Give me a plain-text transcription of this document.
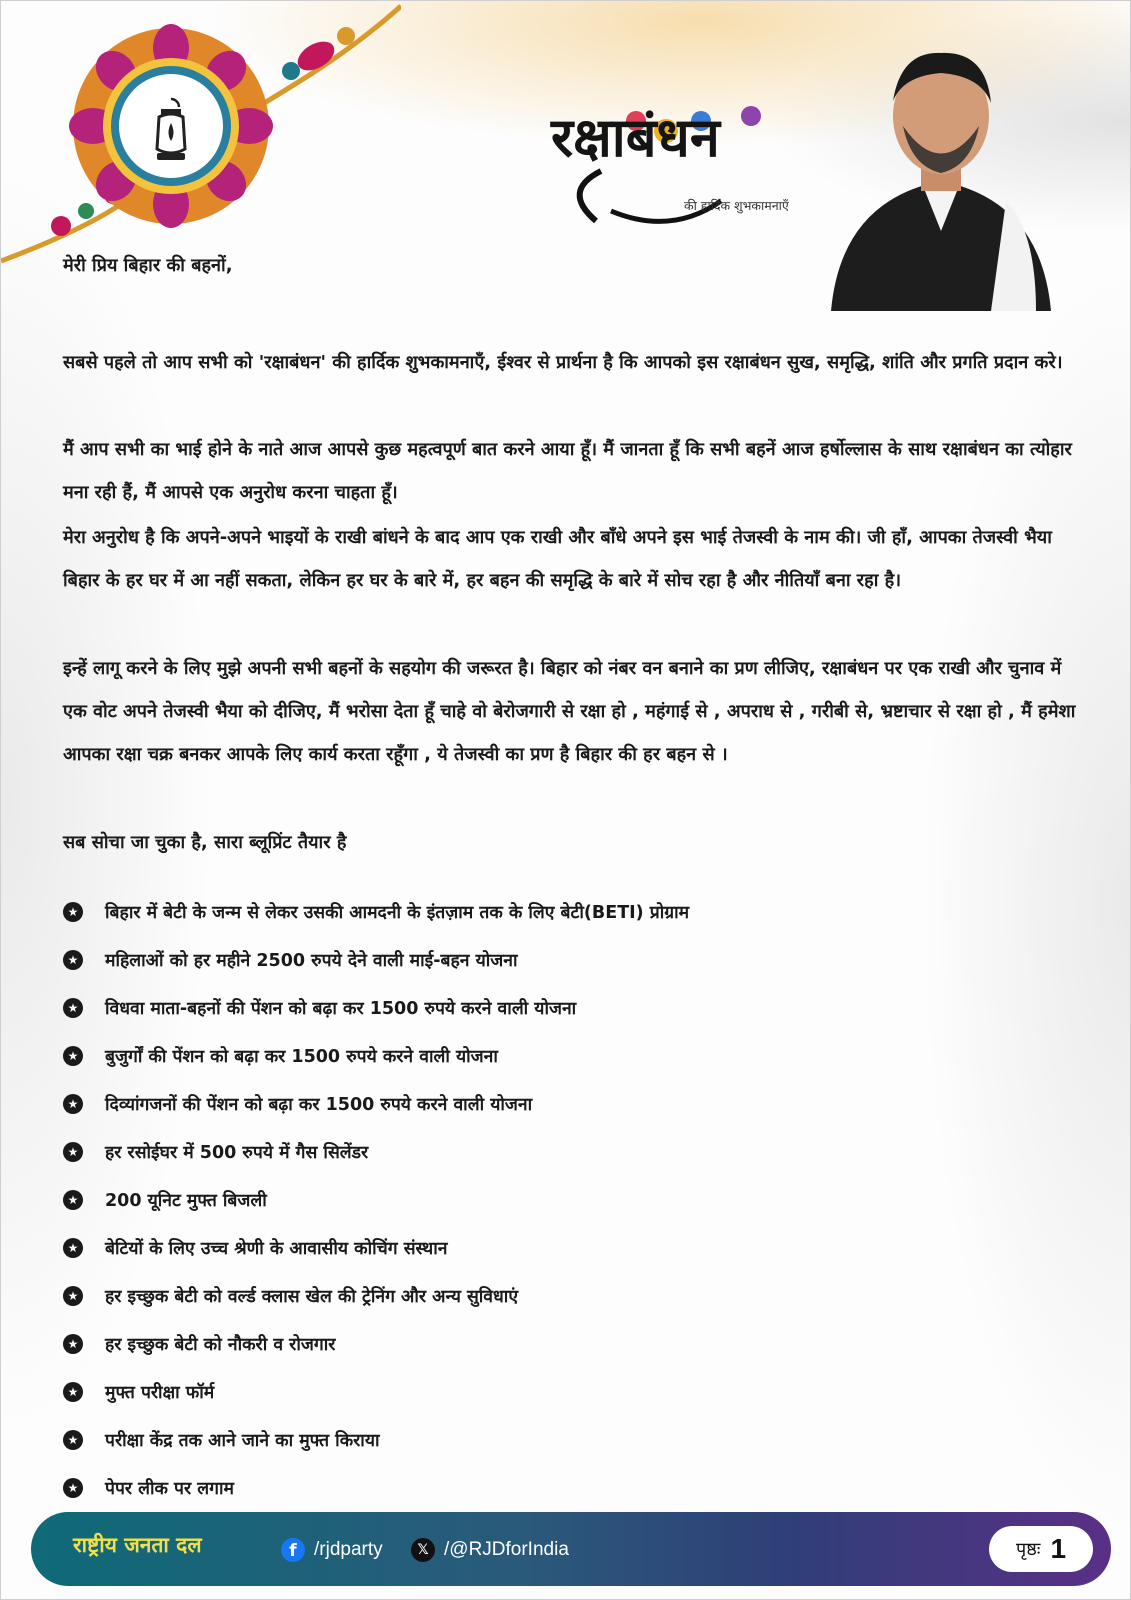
रक्षाबंधन
की हार्दिक शुभकामनाएँ

मेरी प्रिय बिहार की बहनों,

सबसे पहले तो आप सभी को 'रक्षाबंधन' की हार्दिक शुभकामनाएँ, ईश्वर से प्रार्थना है कि आपको इस रक्षाबंधन सुख, समृद्धि, शांति और प्रगति प्रदान करे।

मैं आप सभी का भाई होने के नाते आज आपसे कुछ महत्वपूर्ण बात करने आया हूँ। मैं जानता हूँ कि सभी बहनें आज हर्षोल्लास के साथ रक्षाबंधन का त्योहार मना रही हैं, मैं आपसे एक अनुरोध करना चाहता हूँ।

मेरा अनुरोध है कि अपने-अपने भाइयों के राखी बांधने के बाद आप एक राखी और बाँधे अपने इस भाई तेजस्वी के नाम की। जी हाँ, आपका तेजस्वी भैया बिहार के हर घर में आ नहीं सकता, लेकिन हर घर के बारे में, हर बहन की समृद्धि के बारे में सोच रहा है और नीतियाँ बना रहा है।

इन्हें लागू करने के लिए मुझे अपनी सभी बहनों के सहयोग की जरूरत है। बिहार को नंबर वन बनाने का प्रण लीजिए, रक्षाबंधन पर एक राखी और चुनाव में एक वोट अपने तेजस्वी भैया को दीजिए, मैं भरोसा देता हूँ चाहे वो बेरोजगारी से रक्षा हो , महंगाई से , अपराध से , गरीबी से, भ्रष्टाचार से रक्षा हो , मैं हमेशा आपका रक्षा चक्र बनकर आपके लिए कार्य करता रहूँगा , ये तेजस्वी का प्रण है बिहार की हर बहन से ।

सब सोचा जा चुका है, सारा ब्लूप्रिंट तैयार है

★ बिहार में बेटी के जन्म से लेकर उसकी आमदनी के इंतज़ाम तक के लिए बेटी(BETI) प्रोग्राम
★ महिलाओं को हर महीने 2500 रुपये देने वाली माई-बहन योजना
★ विधवा माता-बहनों की पेंशन को बढ़ा कर 1500 रुपये करने वाली योजना
★ बुजुर्गों की पेंशन को बढ़ा कर 1500 रुपये करने वाली योजना
★ दिव्यांगजनों की पेंशन को बढ़ा कर 1500 रुपये करने वाली योजना
★ हर रसोईघर में 500 रुपये में गैस सिलेंडर
★ 200 यूनिट मुफ्त बिजली
★ बेटियों के लिए उच्च श्रेणी के आवासीय कोचिंग संस्थान
★ हर इच्छुक बेटी को वर्ल्ड क्लास खेल की ट्रेनिंग और अन्य सुविधाएं
★ हर इच्छुक बेटी को नौकरी व रोजगार
★ मुफ्त परीक्षा फॉर्म
★ परीक्षा केंद्र तक आने जाने का मुफ्त किराया
★ पेपर लीक पर लगाम
राष्ट्रीय जनता दल	f /rjdparty	𝕏 /@RJDforIndia	पृष्ठः 1
